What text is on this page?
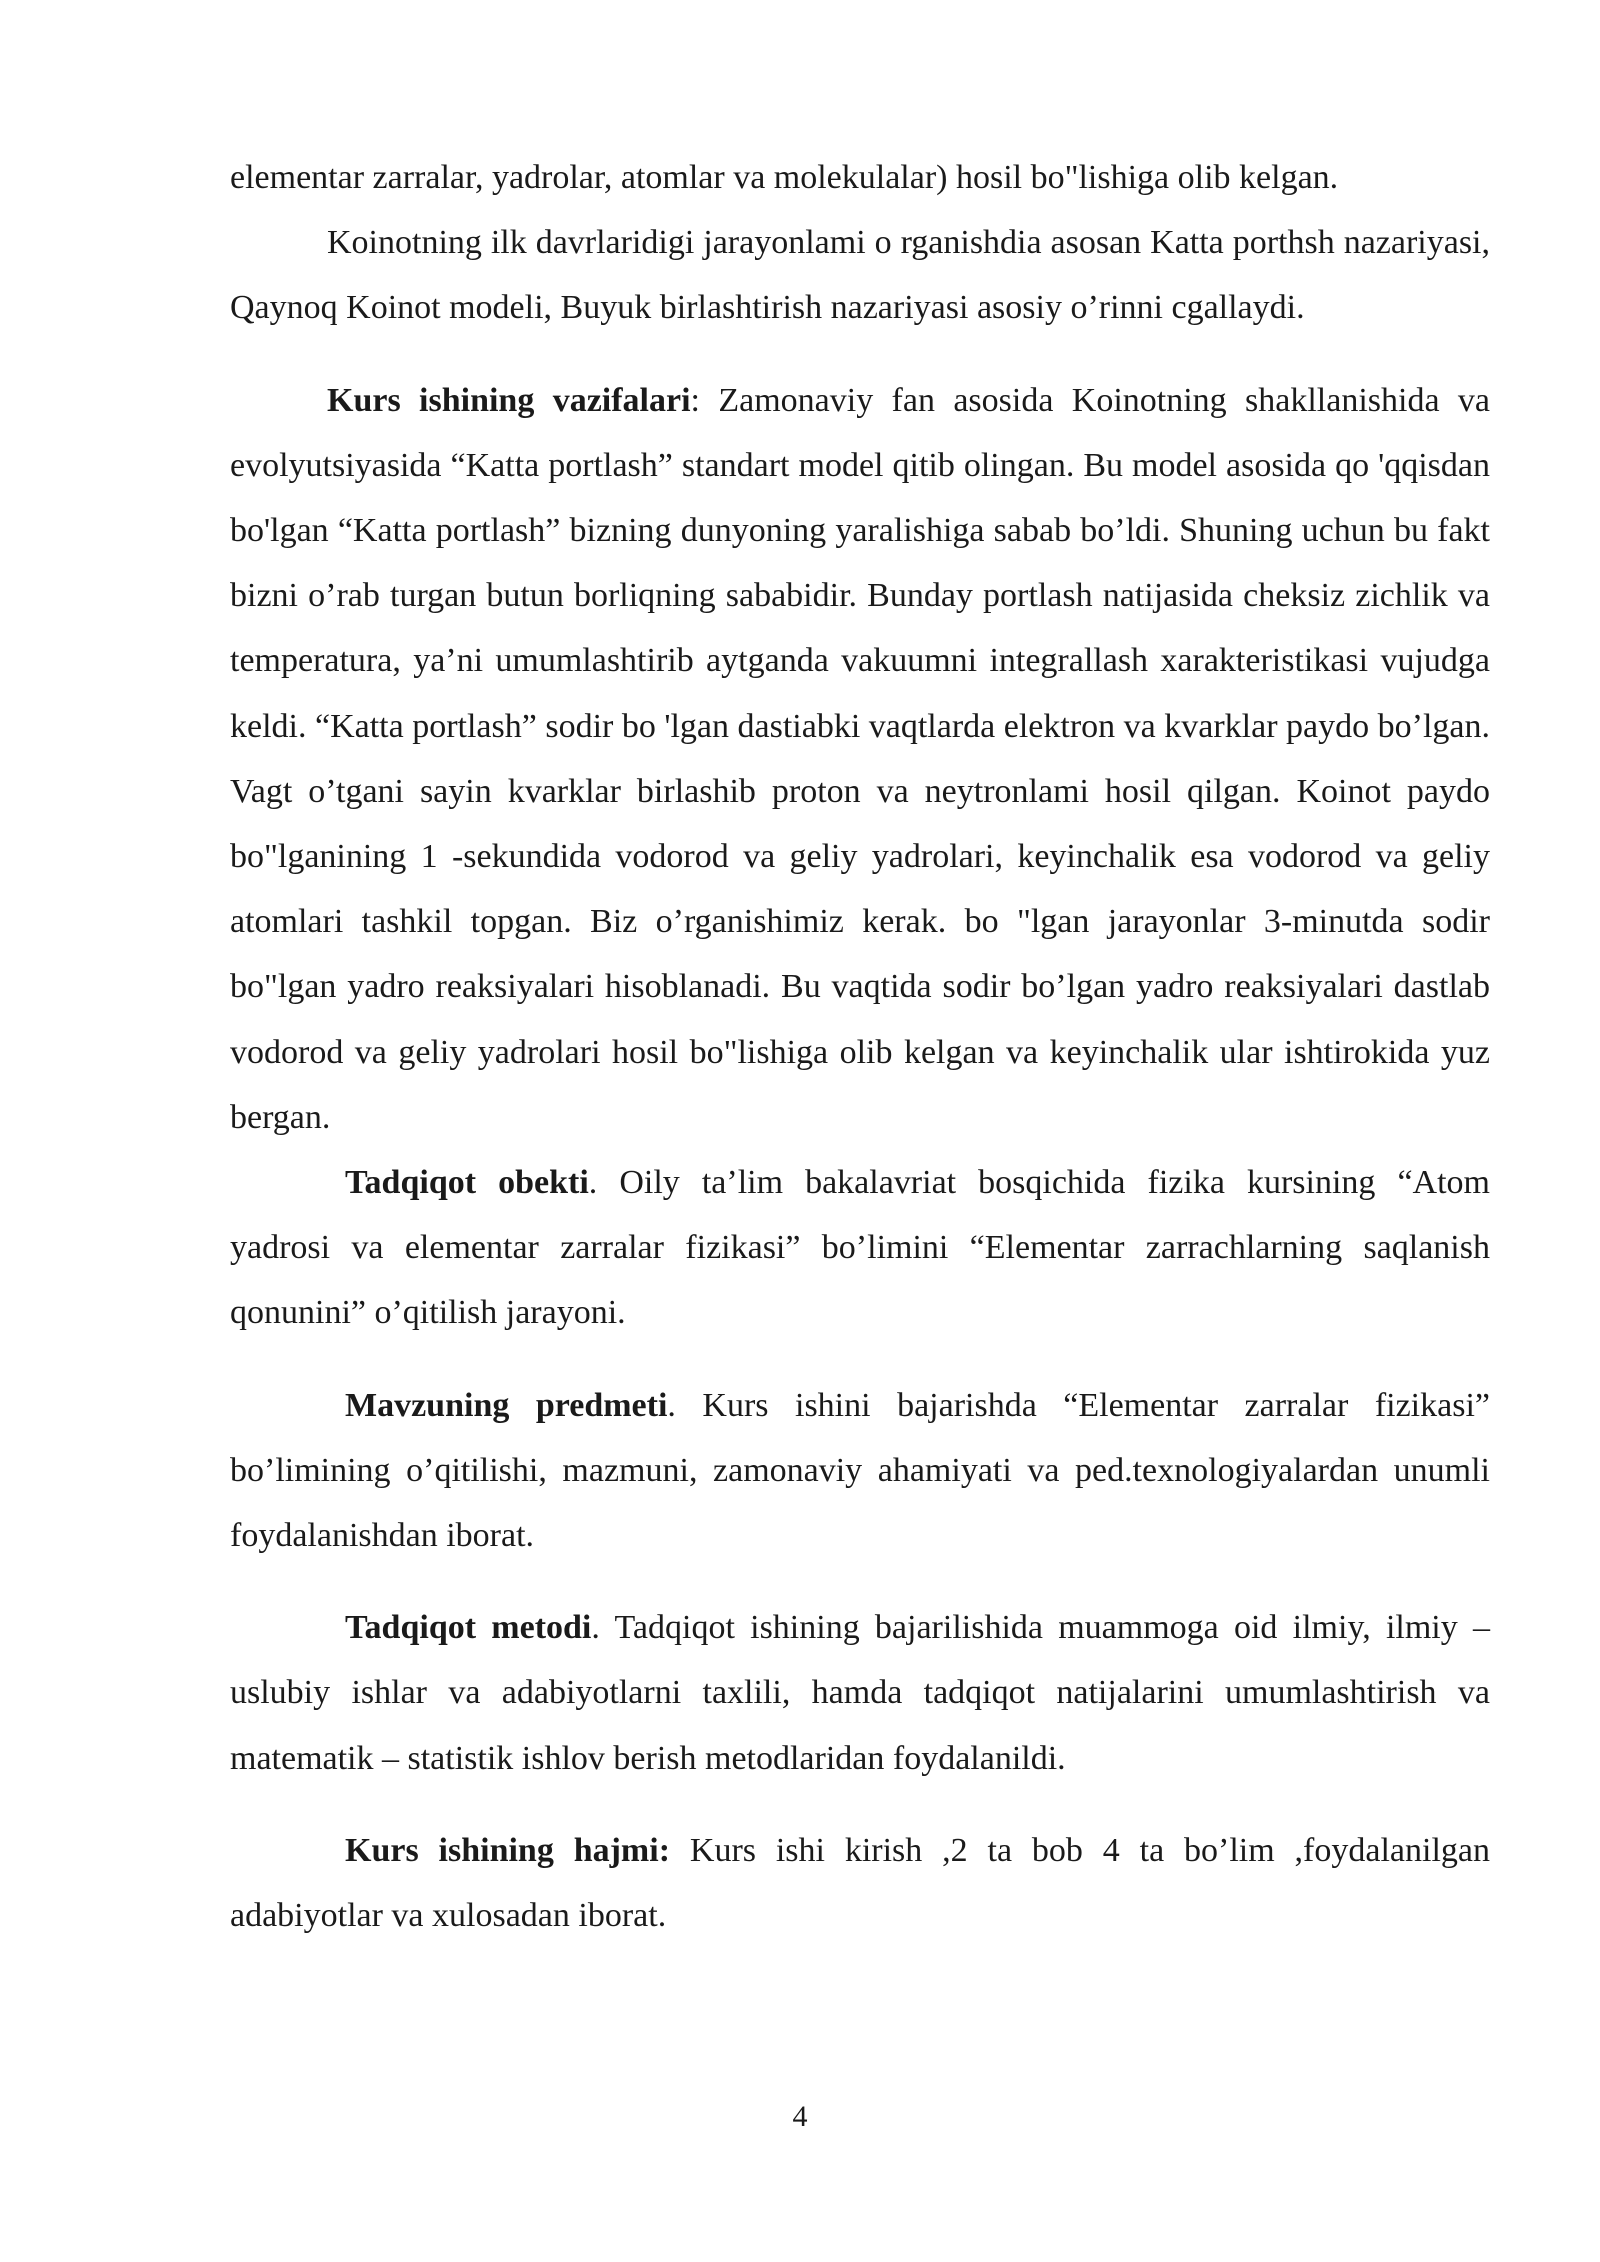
elementar zarralar, yadrolar, atomlar va molekulalar) hosil bo"lishiga olib kelgan.

Koinotning ilk davrlaridigi jarayonlami o rganishdia asosan Katta porthsh nazariyasi, Qaynoq Koinot modeli, Buyuk birlashtirish nazariyasi asosiy o’rinni cgallaydi.

Kurs ishining vazifalari: Zamonaviy fan asosida Koinotning shakllanishida va evolyutsiyasida “Katta portlash” standart model qitib olingan. Bu model asosida qo 'qqisdan bo'lgan “Katta portlash” bizning dunyoning yaralishiga sabab bo’ldi. Shuning uchun bu fakt bizni o’rab turgan butun borliqning sababidir. Bunday portlash natijasida cheksiz zichlik va temperatura, ya’ni umumlashtirib aytganda vakuumni integrallash xarakteristikasi vujudga keldi. “Katta portlash” sodir bo 'lgan dastiabki vaqtlarda elektron va kvarklar paydo bo’lgan. Vagt o’tgani sayin kvarklar birlashib proton va neytronlami hosil qilgan. Koinot paydo bo"lganining 1 -sekundida vodorod va geliy yadrolari, keyinchalik esa vodorod va geliy atomlari tashkil topgan. Biz o’rganishimiz kerak. bo "lgan jarayonlar 3-minutda sodir bo"lgan yadro reaksiyalari hisoblanadi. Bu vaqtida sodir bo’lgan yadro reaksiyalari dastlab vodorod va geliy yadrolari hosil bo"lishiga olib kelgan va keyinchalik ular ishtirokida yuz bergan.

Tadqiqot obekti. Oily ta’lim bakalavriat bosqichida fizika kursining “Atom yadrosi va elementar zarralar fizikasi” bo’limini “Elementar zarrachlarning saqlanish qonunini” o’qitilish jarayoni.

Mavzuning predmeti. Kurs ishini bajarishda “Elementar zarralar fizikasi” bo’limining o’qitilishi, mazmuni, zamonaviy ahamiyati va ped.texnologiyalardan unumli foydalanishdan iborat.

Tadqiqot metodi. Tadqiqot ishining bajarilishida muammoga oid ilmiy, ilmiy – uslubiy ishlar va adabiyotlarni taxlili, hamda tadqiqot natijalarini umumlashtirish va matematik – statistik ishlov berish metodlaridan foydalanildi.

Kurs ishining hajmi: Kurs ishi kirish ,2 ta bob 4 ta bo’lim ,foydalanilgan adabiyotlar va xulosadan iborat.

4
